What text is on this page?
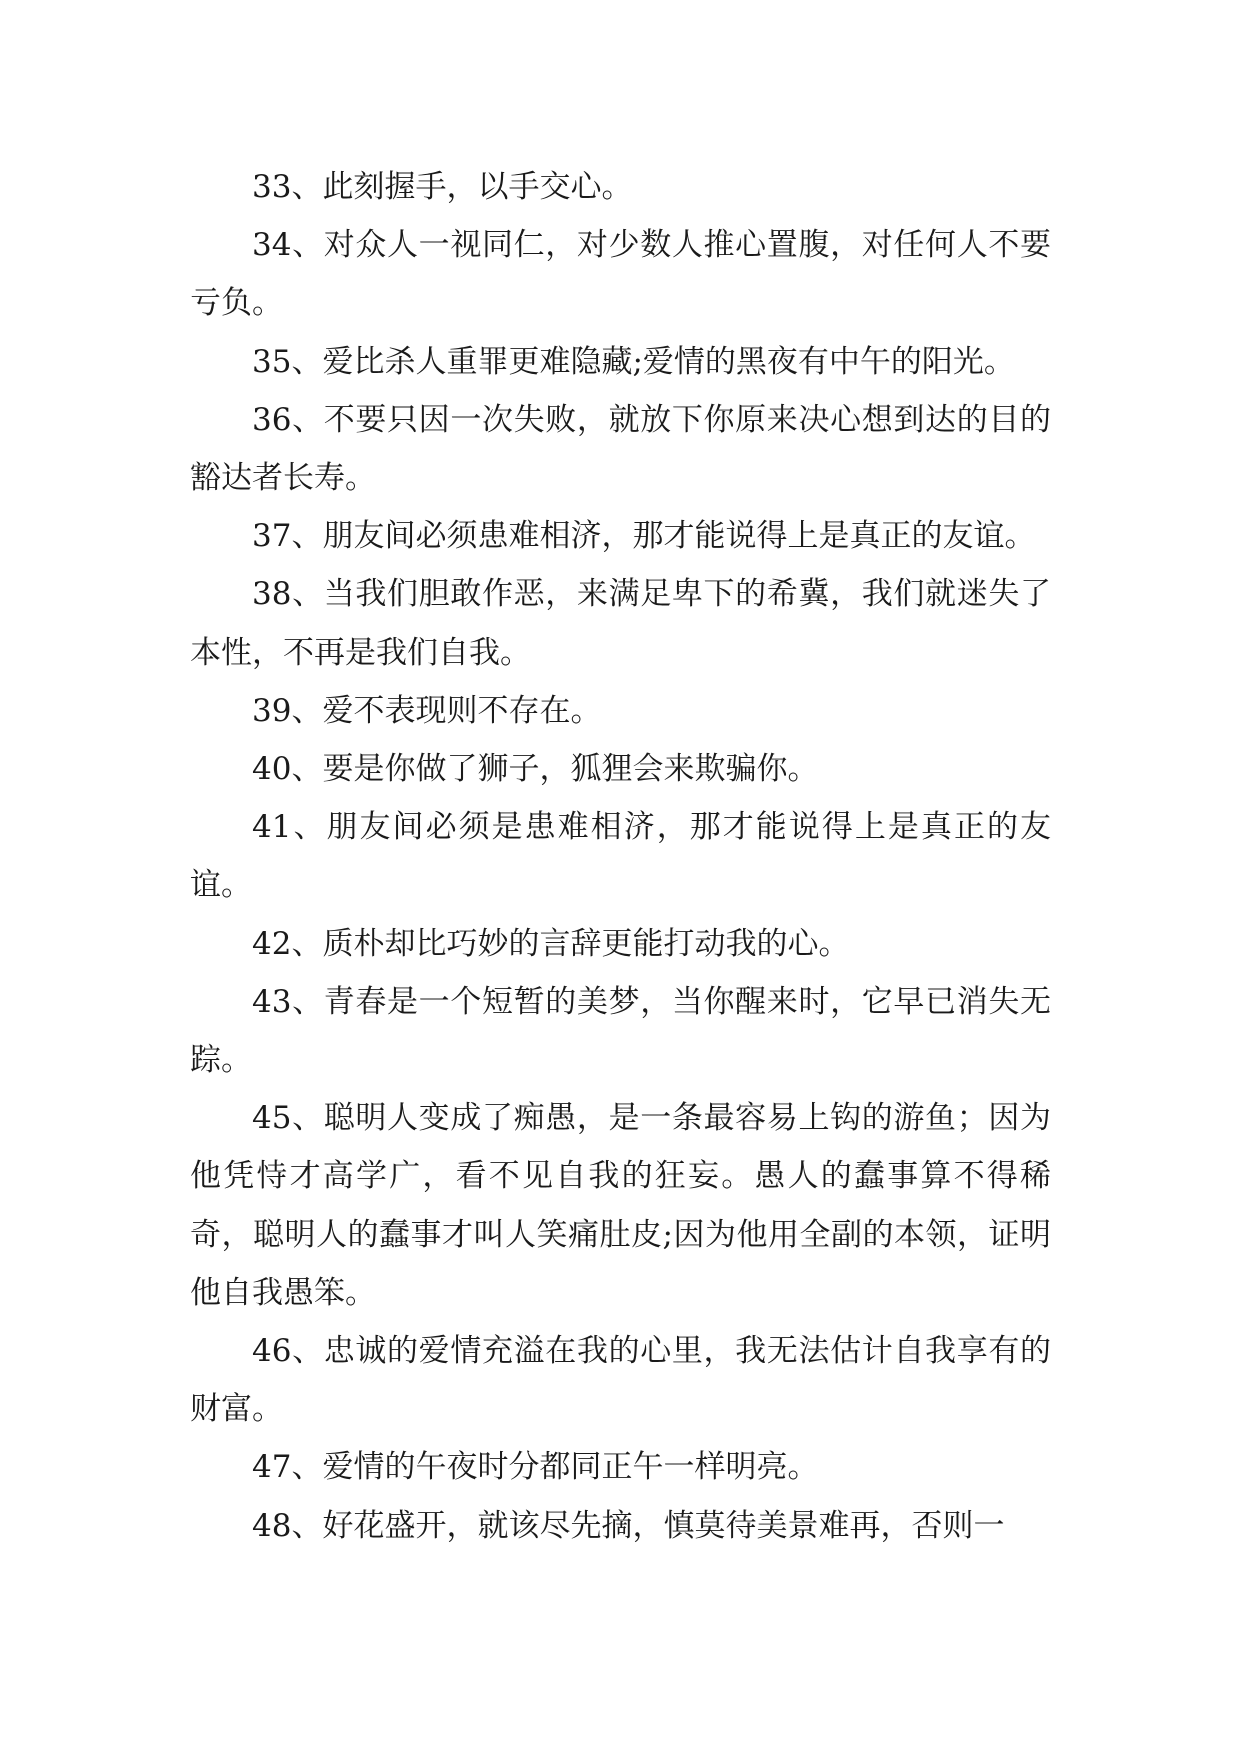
33、此刻握手，以手交心。

34、对众人一视同仁，对少数人推心置腹，对任何人不要亏负。

35、爱比杀人重罪更难隐藏;爱情的黑夜有中午的阳光。

36、不要只因一次失败，就放下你原来决心想到达的目的豁达者长寿。

37、朋友间必须患难相济，那才能说得上是真正的友谊。

38、当我们胆敢作恶，来满足卑下的希冀，我们就迷失了本性，不再是我们自我。

39、爱不表现则不存在。

40、要是你做了狮子，狐狸会来欺骗你。

41、朋友间必须是患难相济，那才能说得上是真正的友谊。

42、质朴却比巧妙的言辞更能打动我的心。

43、青春是一个短暂的美梦，当你醒来时，它早已消失无踪。

45、聪明人变成了痴愚，是一条最容易上钩的游鱼；因为他凭恃才高学广，看不见自我的狂妄。愚人的蠢事算不得稀奇，聪明人的蠢事才叫人笑痛肚皮;因为他用全副的本领，证明他自我愚笨。

46、忠诚的爱情充溢在我的心里，我无法估计自我享有的财富。

47、爱情的午夜时分都同正午一样明亮。

48、好花盛开，就该尽先摘，慎莫待美景难再，否则一
